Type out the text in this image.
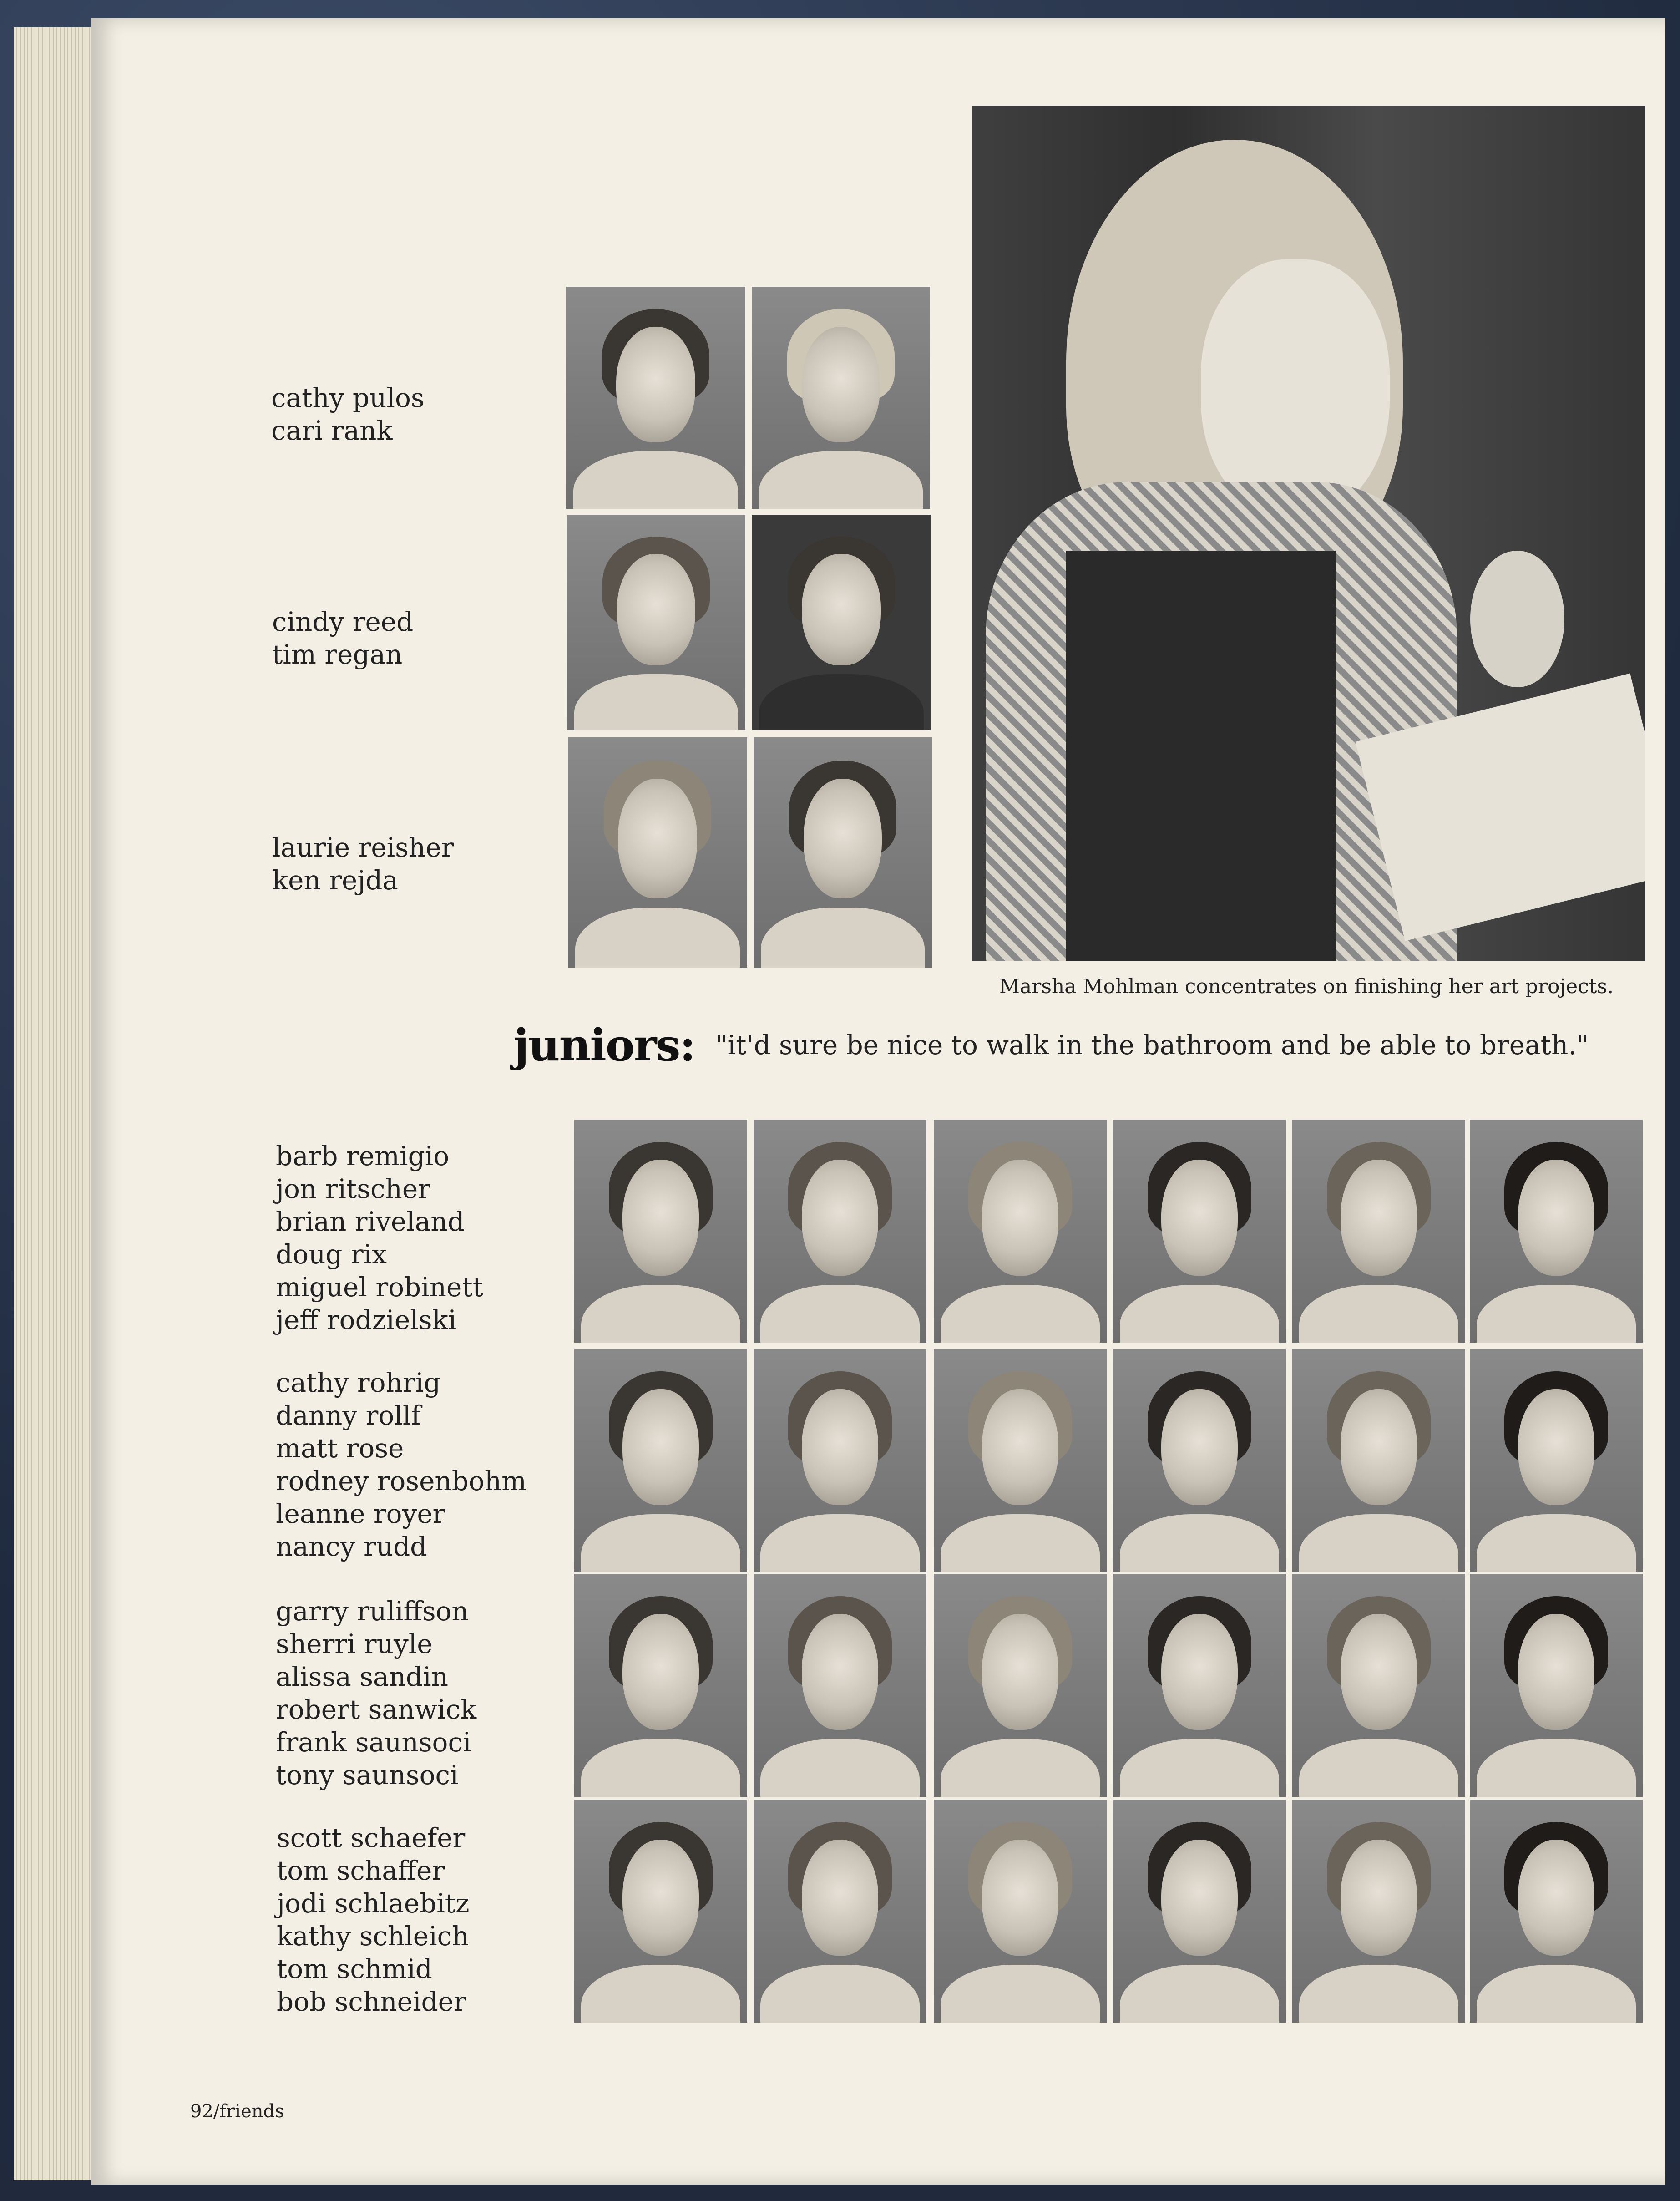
cathy pulos
cari rank
cindy reed
tim regan
laurie reisher
ken rejda
Marsha Mohlman concentrates on finishing her art projects.
juniors: "it'd sure be nice to walk in the bathroom and be able to breath."
barb remigio
jon ritscher
brian riveland
doug rix
miguel robinett
jeff rodzielski
cathy rohrig
danny rollf
matt rose
rodney rosenbohm
leanne royer
nancy rudd
garry ruliffson
sherri ruyle
alissa sandin
robert sanwick
frank saunsoci
tony saunsoci
scott schaefer
tom schaffer
jodi schlaebitz
kathy schleich
tom schmid
bob schneider
92/friends
